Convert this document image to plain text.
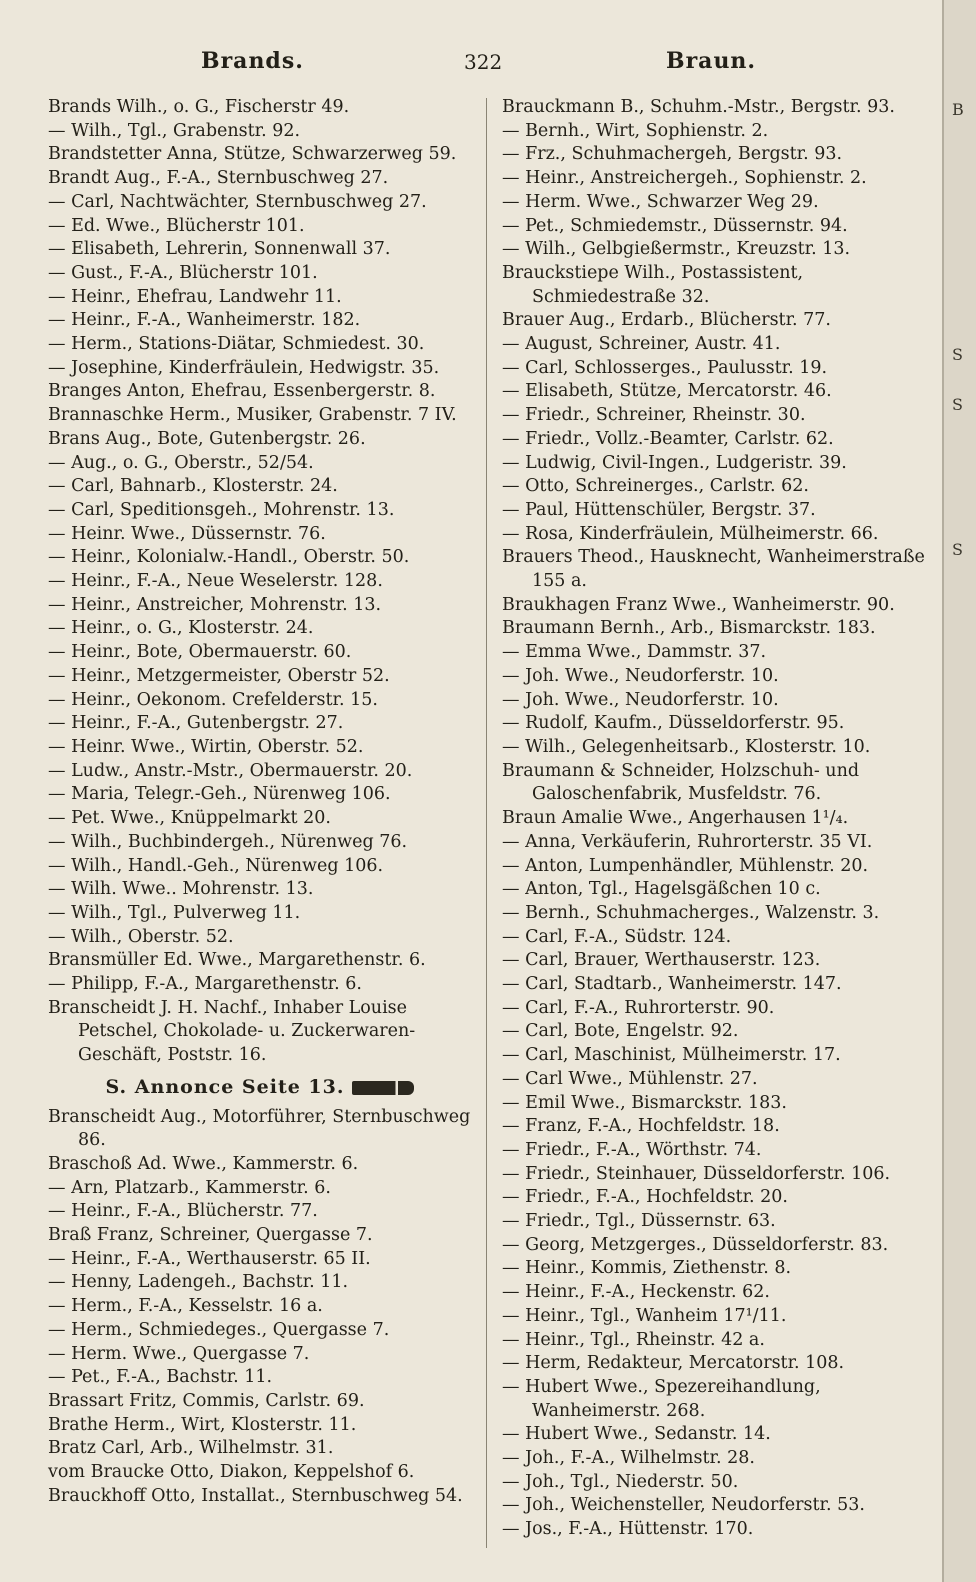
Brands.	322	Braun.
Brands Wilh., o. G., Fischerstr 49.
— Wilh., Tgl., Grabenstr. 92.
Brandstetter Anna, Stütze, Schwarzerweg 59.
Brandt Aug., F.-A., Sternbuschweg 27.
— Carl, Nachtwächter, Sternbuschweg 27.
— Ed. Wwe., Blücherstr 101.
— Elisabeth, Lehrerin, Sonnenwall 37.
— Gust., F.-A., Blücherstr 101.
— Heinr., Ehefrau, Landwehr 11.
— Heinr., F.-A., Wanheimerstr. 182.
— Herm., Stations-Diätar, Schmiedest. 30.
— Josephine, Kinderfräulein, Hedwigstr. 35.
Branges Anton, Ehefrau, Essenbergerstr. 8.
Brannaschke Herm., Musiker, Grabenstr. 7 IV.
Brans Aug., Bote, Gutenbergstr. 26.
— Aug., o. G., Oberstr., 52/54.
— Carl, Bahnarb., Klosterstr. 24.
— Carl, Speditionsgeh., Mohrenstr. 13.
— Heinr. Wwe., Düssernstr. 76.
— Heinr., Kolonialw.-Handl., Oberstr. 50.
— Heinr., F.-A., Neue Weselerstr. 128.
— Heinr., Anstreicher, Mohrenstr. 13.
— Heinr., o. G., Klosterstr. 24.
— Heinr., Bote, Obermauerstr. 60.
— Heinr., Metzgermeister, Oberstr 52.
— Heinr., Oekonom. Crefelderstr. 15.
— Heinr., F.-A., Gutenbergstr. 27.
— Heinr. Wwe., Wirtin, Oberstr. 52.
— Ludw., Anstr.-Mstr., Obermauerstr. 20.
— Maria, Telegr.-Geh., Nürenweg 106.
— Pet. Wwe., Knüppelmarkt 20.
— Wilh., Buchbindergeh., Nürenweg 76.
— Wilh., Handl.-Geh., Nürenweg 106.
— Wilh. Wwe.. Mohrenstr. 13.
— Wilh., Tgl., Pulverweg 11.
— Wilh., Oberstr. 52.
Bransmüller Ed. Wwe., Margarethenstr. 6.
— Philipp, F.-A., Margarethenstr. 6.
Branscheidt J. H. Nachf., Inhaber Louise Petschel, Chokolade- u. Zuckerwaren-Geschäft, Poststr. 16.
S. Annonce Seite 13.
Branscheidt Aug., Motorführer, Sternbuschweg 86.
Braschoß Ad. Wwe., Kammerstr. 6.
— Arn, Platzarb., Kammerstr. 6.
— Heinr., F.-A., Blücherstr. 77.
Braß Franz, Schreiner, Quergasse 7.
— Heinr., F.-A., Werthauserstr. 65 II.
— Henny, Ladengeh., Bachstr. 11.
— Herm., F.-A., Kesselstr. 16 a.
— Herm., Schmiedeges., Quergasse 7.
— Herm. Wwe., Quergasse 7.
— Pet., F.-A., Bachstr. 11.
Brassart Fritz, Commis, Carlstr. 69.
Brathe Herm., Wirt, Klosterstr. 11.
Bratz Carl, Arb., Wilhelmstr. 31.
vom Braucke Otto, Diakon, Keppelshof 6.
Brauckhoff Otto, Installat., Sternbuschweg 54.
Brauckmann B., Schuhm.-Mstr., Bergstr. 93.
— Bernh., Wirt, Sophienstr. 2.
— Frz., Schuhmachergeh, Bergstr. 93.
— Heinr., Anstreichergeh., Sophienstr. 2.
— Herm. Wwe., Schwarzer Weg 29.
— Pet., Schmiedemstr., Düssernstr. 94.
— Wilh., Gelbgießermstr., Kreuzstr. 13.
Brauckstiepe Wilh., Postassistent, Schmiedestraße 32.
Brauer Aug., Erdarb., Blücherstr. 77.
— August, Schreiner, Austr. 41.
— Carl, Schlosserges., Paulusstr. 19.
— Elisabeth, Stütze, Mercatorstr. 46.
— Friedr., Schreiner, Rheinstr. 30.
— Friedr., Vollz.-Beamter, Carlstr. 62.
— Ludwig, Civil-Ingen., Ludgeristr. 39.
— Otto, Schreinerges., Carlstr. 62.
— Paul, Hüttenschüler, Bergstr. 37.
— Rosa, Kinderfräulein, Mülheimerstr. 66.
Brauers Theod., Hausknecht, Wanheimerstraße 155 a.
Braukhagen Franz Wwe., Wanheimerstr. 90.
Braumann Bernh., Arb., Bismarckstr. 183.
— Emma Wwe., Dammstr. 37.
— Joh. Wwe., Neudorferstr. 10.
— Joh. Wwe., Neudorferstr. 10.
— Rudolf, Kaufm., Düsseldorferstr. 95.
— Wilh., Gelegenheitsarb., Klosterstr. 10.
Braumann & Schneider, Holzschuh- und Galoschenfabrik, Musfeldstr. 76.
Braun Amalie Wwe., Angerhausen 1¹/₄.
— Anna, Verkäuferin, Ruhrorterstr. 35 VI.
— Anton, Lumpenhändler, Mühlenstr. 20.
— Anton, Tgl., Hagelsgäßchen 10 c.
— Bernh., Schuhmacherges., Walzenstr. 3.
— Carl, F.-A., Südstr. 124.
— Carl, Brauer, Werthauserstr. 123.
— Carl, Stadtarb., Wanheimerstr. 147.
— Carl, F.-A., Ruhrorterstr. 90.
— Carl, Bote, Engelstr. 92.
— Carl, Maschinist, Mülheimerstr. 17.
— Carl Wwe., Mühlenstr. 27.
— Emil Wwe., Bismarckstr. 183.
— Franz, F.-A., Hochfeldstr. 18.
— Friedr., F.-A., Wörthstr. 74.
— Friedr., Steinhauer, Düsseldorferstr. 106.
— Friedr., F.-A., Hochfeldstr. 20.
— Friedr., Tgl., Düssernstr. 63.
— Georg, Metzgerges., Düsseldorferstr. 83.
— Heinr., Kommis, Ziethenstr. 8.
— Heinr., F.-A., Heckenstr. 62.
— Heinr., Tgl., Wanheim 17¹/11.
— Heinr., Tgl., Rheinstr. 42 a.
— Herm, Redakteur, Mercatorstr. 108.
— Hubert Wwe., Spezereihandlung, Wanheimerstr. 268.
— Hubert Wwe., Sedanstr. 14.
— Joh., F.-A., Wilhelmstr. 28.
— Joh., Tgl., Niederstr. 50.
— Joh., Weichensteller, Neudorferstr. 53.
— Jos., F.-A., Hüttenstr. 170.
B
S
S
S
